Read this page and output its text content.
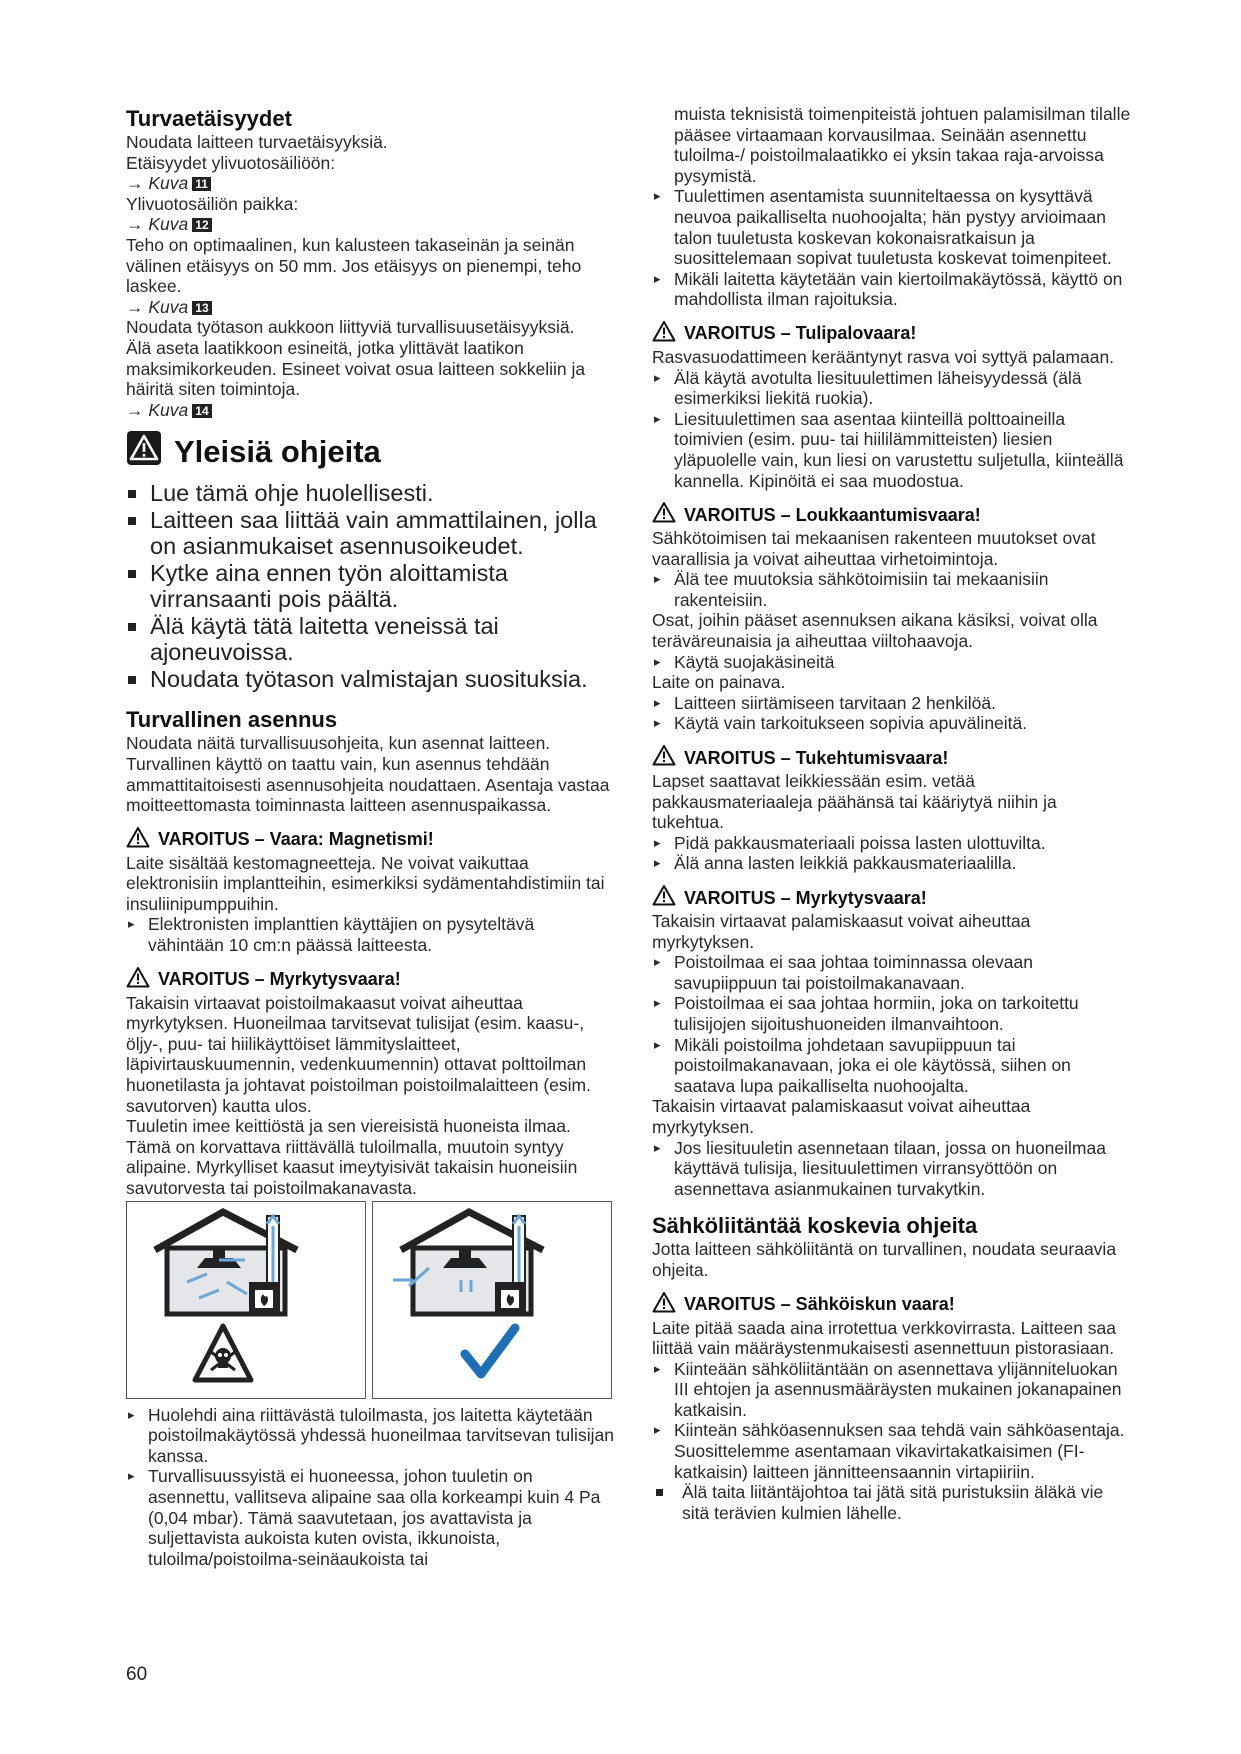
Turvaetäisyydet
Noudata laitteen turvaetäisyyksiä.
Etäisyydet ylivuotosäiliöön:
→ Kuva 11
Ylivuotosäiliön paikka:
→ Kuva 12
Teho on optimaalinen, kun kalusteen takaseinän ja seinän välinen etäisyys on 50 mm. Jos etäisyys on pienempi, teho laskee.
→ Kuva 13
Noudata työtason aukkoon liittyviä turvallisuusetäisyyksiä.
Älä aseta laatikkoon esineitä, jotka ylittävät laatikon maksimikorkeuden. Esineet voivat osua laitteen sokkeliin ja häiritä siten toimintoja.
→ Kuva 14
Yleisiä ohjeita
Lue tämä ohje huolellisesti.
Laitteen saa liittää vain ammattilainen, jolla on asianmukaiset asennusoikeudet.
Kytke aina ennen työn aloittamista virransaanti pois päältä.
Älä käytä tätä laitetta veneissä tai ajoneuvoissa.
Noudata työtason valmistajan suosituksia.
Turvallinen asennus
Noudata näitä turvallisuusohjeita, kun asennat laitteen.
Turvallinen käyttö on taattu vain, kun asennus tehdään ammattitaitoisesti asennusohjeita noudattaen. Asentaja vastaa moitteettomasta toiminnasta laitteen asennuspaikassa.
VAROITUS – Vaara: Magnetismi!
Laite sisältää kestomagneetteja. Ne voivat vaikuttaa elektronisiin implantteihin, esimerkiksi sydämentahdistimiin tai insuliinipumppuihin.
▸ Elektronisten implanttien käyttäjien on pysyteltävä vähintään 10 cm:n päässä laitteesta.
VAROITUS – Myrkytysvaara!
Takaisin virtaavat poistoilmakaasut voivat aiheuttaa myrkytyksen. Huoneilmaa tarvitsevat tulisijat (esim. kaasu-, öljy-, puu- tai hiilikäyttöiset lämmityslaitteet, läpivirtauskuumennin, vedenkuumennin) ottavat polttoilman huonetilasta ja johtavat poistoilman poistoilmalaitteen (esim. savutorven) kautta ulos.
Tuuletin imee keittiöstä ja sen viereisistä huoneista ilmaa. Tämä on korvattava riittävällä tuloilmalla, muutoin syntyy alipaine. Myrkylliset kaasut imeytyisivät takaisin huoneisiin savutorvesta tai poistoilmakanavasta.
▸ Huolehdi aina riittävästä tuloilmasta, jos laitetta käytetään poistoilmakäytössä yhdessä huoneilmaa tarvitsevan tulisijan kanssa.
▸ Turvallisuussyistä ei huoneessa, johon tuuletin on asennettu, vallitseva alipaine saa olla korkeampi kuin 4 Pa (0,04 mbar). Tämä saavutetaan, jos avattavista ja suljettavista aukoista kuten ovista, ikkunoista, tuloilma/poistoilma-seinäaukoista tai
muista teknisistä toimenpiteistä johtuen palamisilman tilalle pääsee virtaamaan korvausilmaa. Seinään asennettu tuloilma-/ poistoilmalaatikko ei yksin takaa raja-arvoissa pysymistä.
▸ Tuulettimen asentamista suunniteltaessa on kysyttävä neuvoa paikalliselta nuohoojalta; hän pystyy arvioimaan talon tuuletusta koskevan kokonaisratkaisun ja suosittelemaan sopivat tuuletusta koskevat toimenpiteet.
▸ Mikäli laitetta käytetään vain kiertoilmakäytössä, käyttö on mahdollista ilman rajoituksia.
VAROITUS – Tulipalovaara!
Rasvasuodattimeen kerääntynyt rasva voi syttyä palamaan.
▸ Älä käytä avotulta liesituulettimen läheisyydessä (älä esimerkiksi liekitä ruokia).
▸ Liesituulettimen saa asentaa kiinteillä polttoaineilla toimivien (esim. puu- tai hiililämmitteisten) liesien yläpuolelle vain, kun liesi on varustettu suljetulla, kiinteällä kannella. Kipinöitä ei saa muodostua.
VAROITUS – Loukkaantumisvaara!
Sähkötoimisen tai mekaanisen rakenteen muutokset ovat vaarallisia ja voivat aiheuttaa virhetoimintoja.
▸ Älä tee muutoksia sähkötoimisiin tai mekaanisiin rakenteisiin.
Osat, joihin pääset asennuksen aikana käsiksi, voivat olla teräväreunaisia ja aiheuttaa viiltohaavoja.
▸ Käytä suojakäsineitä
Laite on painava.
▸ Laitteen siirtämiseen tarvitaan 2 henkilöä.
▸ Käytä vain tarkoitukseen sopivia apuvälineitä.
VAROITUS – Tukehtumisvaara!
Lapset saattavat leikkiessään esim. vetää pakkausmateriaaleja päähänsä tai kääriytyä niihin ja tukehtua.
▸ Pidä pakkausmateriaali poissa lasten ulottuvilta.
▸ Älä anna lasten leikkiä pakkausmateriaalilla.
VAROITUS – Myrkytysvaara!
Takaisin virtaavat palamiskaasut voivat aiheuttaa myrkytyksen.
▸ Poistoilmaa ei saa johtaa toiminnassa olevaan savupiippuun tai poistoilmakanavaan.
▸ Poistoilmaa ei saa johtaa hormiin, joka on tarkoitettu tulisijojen sijoitushuoneiden ilmanvaihtoon.
▸ Mikäli poistoilma johdetaan savupiippuun tai poistoilmakanavaan, joka ei ole käytössä, siihen on saatava lupa paikalliselta nuohoojalta.
Takaisin virtaavat palamiskaasut voivat aiheuttaa myrkytyksen.
▸ Jos liesituuletin asennetaan tilaan, jossa on huoneilmaa käyttävä tulisija, liesituulettimen virransyöttöön on asennettava asianmukainen turvakytkin.
Sähköliitäntää koskevia ohjeita
Jotta laitteen sähköliitäntä on turvallinen, noudata seuraavia ohjeita.
VAROITUS – Sähköiskun vaara!
Laite pitää saada aina irrotettua verkkovirrasta. Laitteen saa liittää vain määräystenmukaisesti asennettuun pistorasiaan.
▸ Kiinteään sähköliitäntään on asennettava ylijänniteluokan III ehtojen ja asennusmääräysten mukainen jokanapainen katkaisin.
▸ Kiinteän sähköasennuksen saa tehdä vain sähköasentaja. Suosittelemme asentamaan vikavirtakatkaisimen (FI-katkaisin) laitteen jännitteensaannin virtapiiriin.
Älä taita liitäntäjohtoa tai jätä sitä puristuksiin äläkä vie sitä terävien kulmien lähelle.
60
